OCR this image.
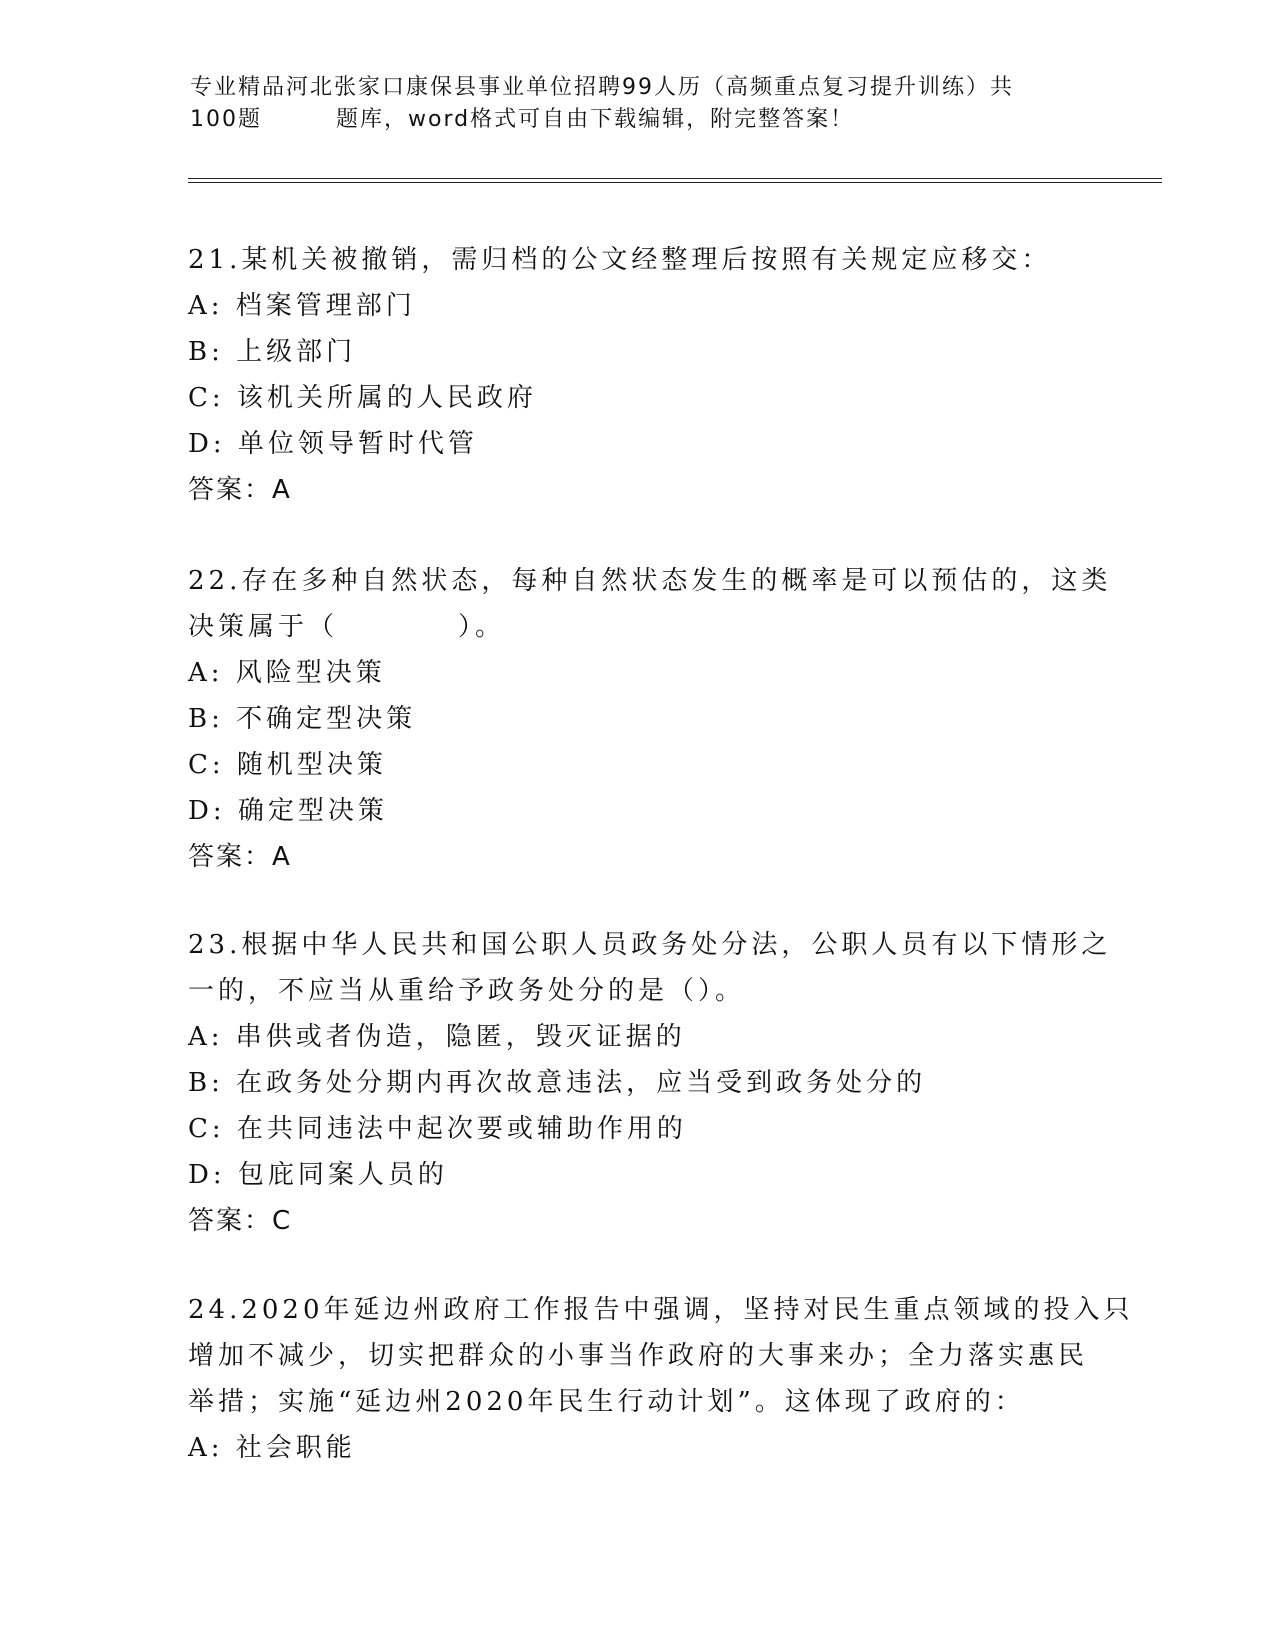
专业精品河北张家口康保县事业单位招聘99人历（高频重点复习提升训练）共
100题	题库，word格式可自由下载编辑，附完整答案！
21.某机关被撤销，需归档的公文经整理后按照有关规定应移交：
A: 档案管理部门
B: 上级部门
C: 该机关所属的人民政府
D: 单位领导暂时代管
答案：A
22.存在多种自然状态，每种自然状态发生的概率是可以预估的，这类
决策属于（　　　　）。
A: 风险型决策
B: 不确定型决策
C: 随机型决策
D: 确定型决策
答案：A
23.根据中华人民共和国公职人员政务处分法，公职人员有以下情形之
一的，不应当从重给予政务处分的是（）。
A: 串供或者伪造，隐匿，毁灭证据的
B: 在政务处分期内再次故意违法，应当受到政务处分的
C: 在共同违法中起次要或辅助作用的
D: 包庇同案人员的
答案：C
24.2020年延边州政府工作报告中强调，坚持对民生重点领域的投入只
增加不减少，切实把群众的小事当作政府的大事来办；全力落实惠民
举措；实施“延边州2020年民生行动计划”。这体现了政府的：
A: 社会职能
